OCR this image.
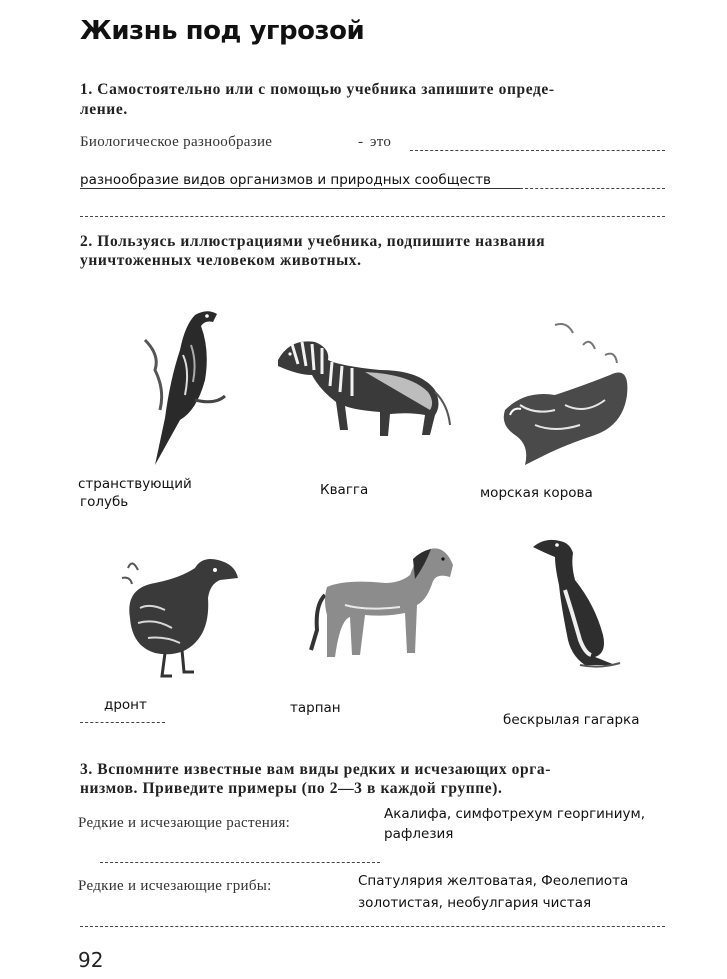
Жизнь под угрозой
1. Самостоятельно или с помощью учебника запишите опреде-
ление.
Биологическое разнообразие	- это
разнообразие видов организмов и природных сообществ
2. Пользуясь иллюстрациями учебника, подпишите названия
уничтоженных человеком животных.
странствующий
голубь
Квагга	морская корова
дронт	тарпан
бескрылая гагарка
3. Вспомните известные вам виды редких и исчезающих орга-
низмов. Приведите примеры (по 2—3 в каждой группе).
Редкие и исчезающие растения:
Акалифа, симфотрехум георгиниум,
рафлезия
Редкие и исчезающие грибы:	Спатулярия желтоватая, Феолепиота
золотистая, необулгария чистая
92
